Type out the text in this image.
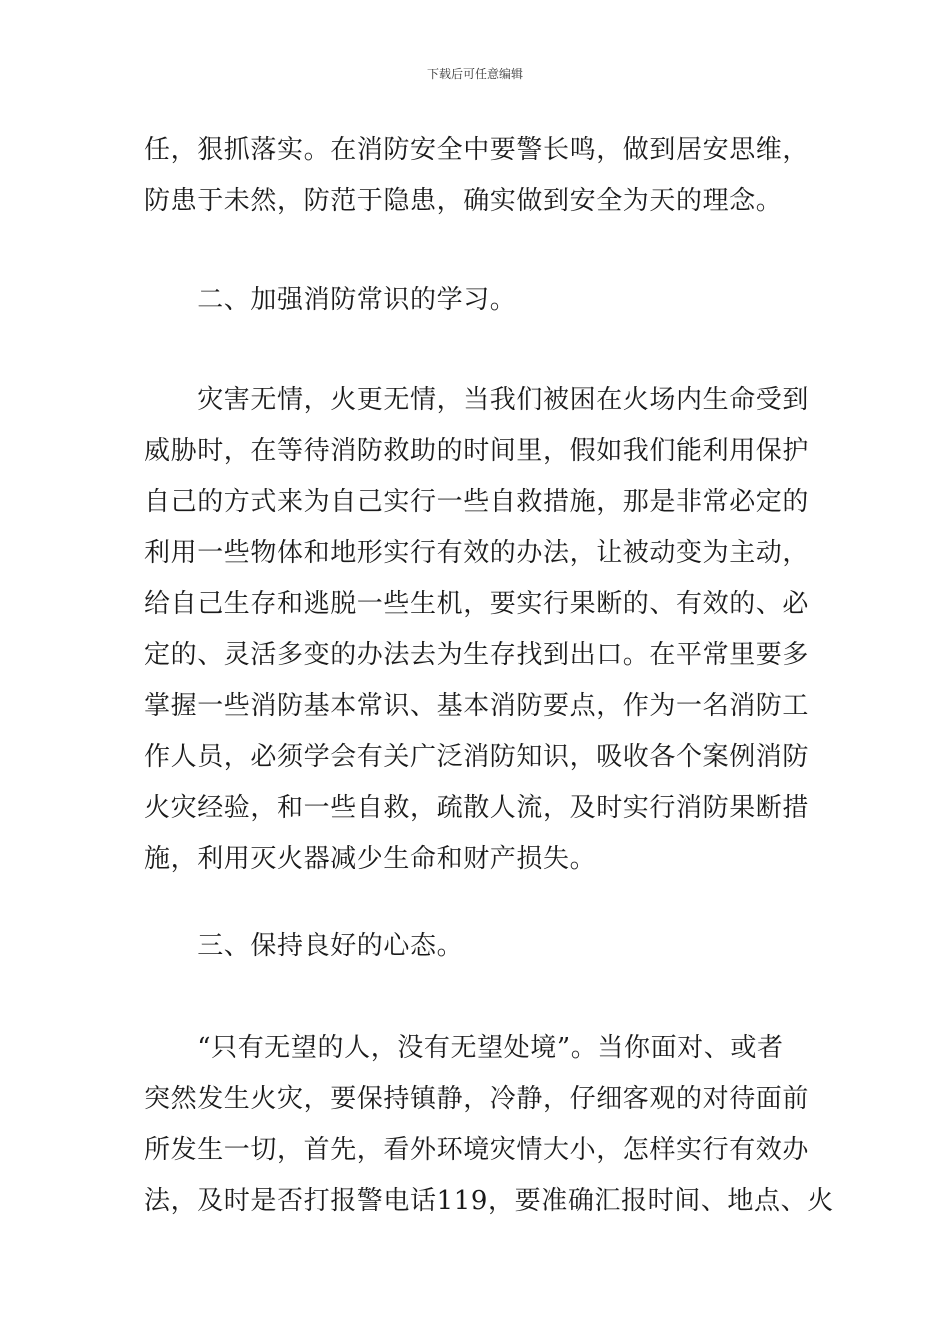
下载后可任意编辑
任，狠抓落实。在消防安全中要警长鸣，做到居安思维，
防患于未然，防范于隐患，确实做到安全为天的理念。
　　二、加强消防常识的学习。
　　灾害无情，火更无情，当我们被困在火场内生命受到
威胁时，在等待消防救助的时间里，假如我们能利用保护
自己的方式来为自己实行一些自救措施，那是非常必定的
利用一些物体和地形实行有效的办法，让被动变为主动，
给自己生存和逃脱一些生机，要实行果断的、有效的、必
定的、灵活多变的办法去为生存找到出口。在平常里要多
掌握一些消防基本常识、基本消防要点，作为一名消防工
作人员，必须学会有关广泛消防知识，吸收各个案例消防
火灾经验，和一些自救，疏散人流，及时实行消防果断措
施，利用灭火器减少生命和财产损失。
　　三、保持良好的心态。
　　“只有无望的人，没有无望处境”。当你面对、或者
突然发生火灾，要保持镇静，冷静，仔细客观的对待面前
所发生一切，首先，看外环境灾情大小，怎样实行有效办
法，及时是否打报警电话119，要准确汇报时间、地点、火
